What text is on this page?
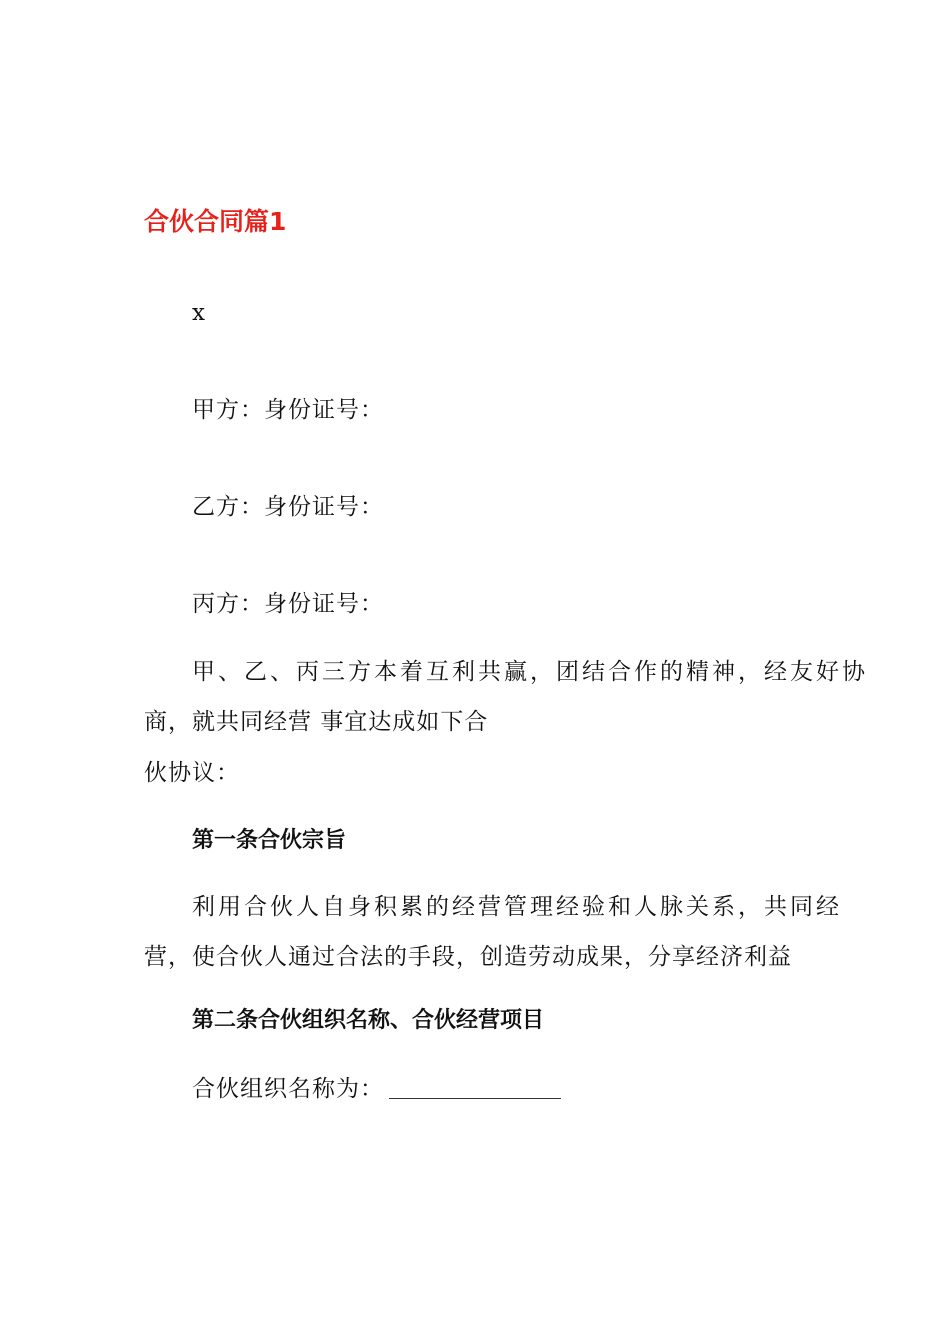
合伙合同篇1
x
甲方：身份证号：
乙方：身份证号：
丙方：身份证号：
甲、乙、丙三方本着互利共赢，团结合作的精神，经友好协
商，就共同经营 事宜达成如下合
伙协议：
第一条合伙宗旨
利用合伙人自身积累的经营管理经验和人脉关系，共同经
营，使合伙人通过合法的手段，创造劳动成果，分享经济利益
第二条合伙组织名称、合伙经营项目
合伙组织名称为：
